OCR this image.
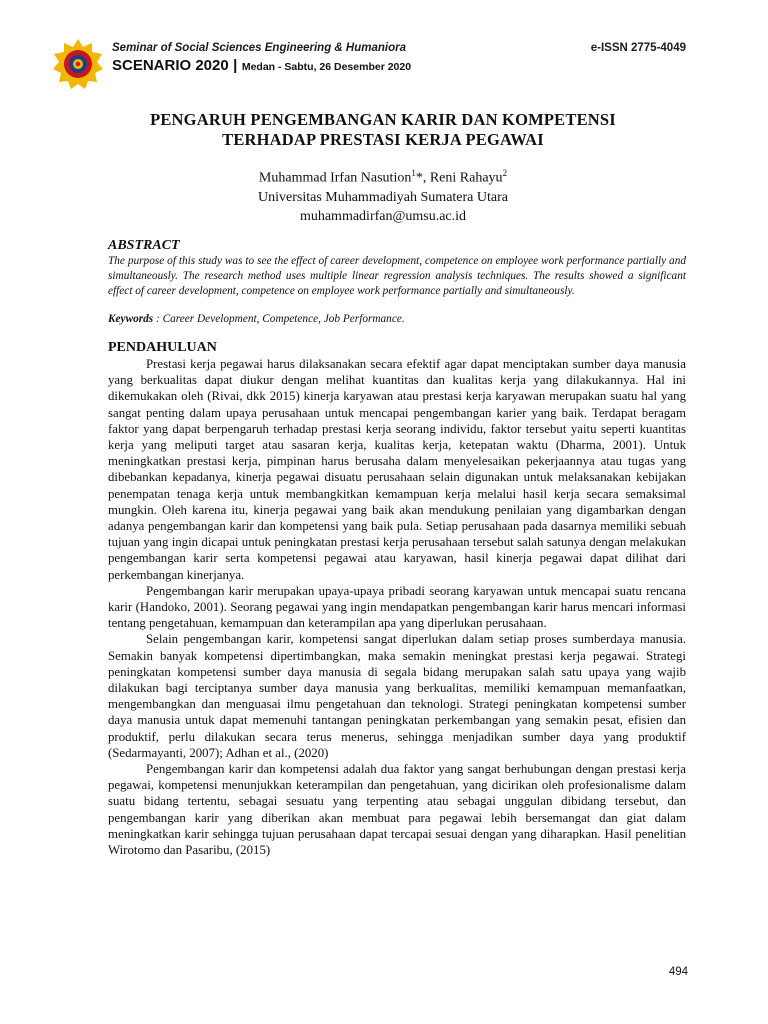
Seminar of Social Sciences Engineering & Humaniora	e-ISSN 2775-4049
SCENARIO 2020 | Medan - Sabtu, 26 Desember 2020
PENGARUH PENGEMBANGAN KARIR DAN KOMPETENSI
TERHADAP PRESTASI KERJA PEGAWAI
Muhammad Irfan Nasution$^1$*, Reni Rahayu$^2$
Universitas Muhammadiyah Sumatera Utara
muhammadirfan@umsu.ac.id
ABSTRACT
The purpose of this study was to see the effect of career development, competence on employee work performance partially and simultaneously. The research method uses multiple linear regression analysis techniques. The results showed a significant effect of career development, competence on employee work performance partially and simultaneously.
Keywords : Career Development, Competence, Job Performance.
PENDAHULUAN

Prestasi kerja pegawai harus dilaksanakan secara efektif agar dapat menciptakan sumber daya manusia yang berkualitas dapat diukur dengan melihat kuantitas dan kualitas kerja yang dilakukannya. Hal ini dikemukakan oleh (Rivai, dkk 2015) kinerja karyawan atau prestasi kerja karyawan merupakan suatu hal yang sangat penting dalam upaya perusahaan untuk mencapai pengembangan karier yang baik. Terdapat beragam faktor yang dapat berpengaruh terhadap prestasi kerja seorang individu, faktor tersebut yaitu seperti kuantitas kerja yang meliputi target atau sasaran kerja, kualitas kerja, ketepatan waktu (Dharma, 2001). Untuk meningkatkan prestasi kerja, pimpinan harus berusaha dalam menyelesaikan pekerjaannya atau tugas yang dibebankan kepadanya, kinerja pegawai disuatu perusahaan selain digunakan untuk melaksanakan kebijakan penempatan tenaga kerja untuk membangkitkan kemampuan kerja melalui hasil kerja secara semaksimal mungkin. Oleh karena itu, kinerja pegawai yang baik akan mendukung penilaian yang digambarkan dengan adanya pengembangan karir dan kompetensi yang baik pula. Setiap perusahaan pada dasarnya memiliki sebuah tujuan yang ingin dicapai untuk peningkatan prestasi kerja perusahaan tersebut salah satunya dengan melakukan pengembangan karir serta kompetensi pegawai atau karyawan, hasil kinerja pegawai dapat dilihat dari perkembangan kinerjanya.

Pengembangan karir merupakan upaya-upaya pribadi seorang karyawan untuk mencapai suatu rencana karir (Handoko, 2001). Seorang pegawai yang ingin mendapatkan pengembangan karir harus mencari informasi tentang pengetahuan, kemampuan dan keterampilan apa yang diperlukan perusahaan.

Selain pengembangan karir, kompetensi sangat diperlukan dalam setiap proses sumberdaya manusia. Semakin banyak kompetensi dipertimbangkan, maka semakin meningkat prestasi kerja pegawai. Strategi peningkatan kompetensi sumber daya manusia di segala bidang merupakan salah satu upaya yang wajib dilakukan bagi terciptanya sumber daya manusia yang berkualitas, memiliki kemampuan memanfaatkan, mengembangkan dan menguasai ilmu pengetahuan dan teknologi. Strategi peningkatan kompetensi sumber daya manusia untuk dapat memenuhi tantangan peningkatan perkembangan yang semakin pesat, efisien dan produktif, perlu dilakukan secara terus menerus, sehingga menjadikan sumber daya yang produktif (Sedarmayanti, 2007); Adhan et al., (2020)

Pengembangan karir dan kompetensi adalah dua faktor yang sangat berhubungan dengan prestasi kerja pegawai, kompetensi menunjukkan keterampilan dan pengetahuan, yang dicirikan oleh profesionalisme dalam suatu bidang tertentu, sebagai sesuatu yang terpenting atau sebagai unggulan dibidang tersebut, dan pengembangan karir yang diberikan akan membuat para pegawai lebih bersemangat dan giat dalam meningkatkan karir sehingga tujuan perusahaan dapat tercapai sesuai dengan yang diharapkan. Hasil penelitian Wirotomo dan Pasaribu, (2015)

494
